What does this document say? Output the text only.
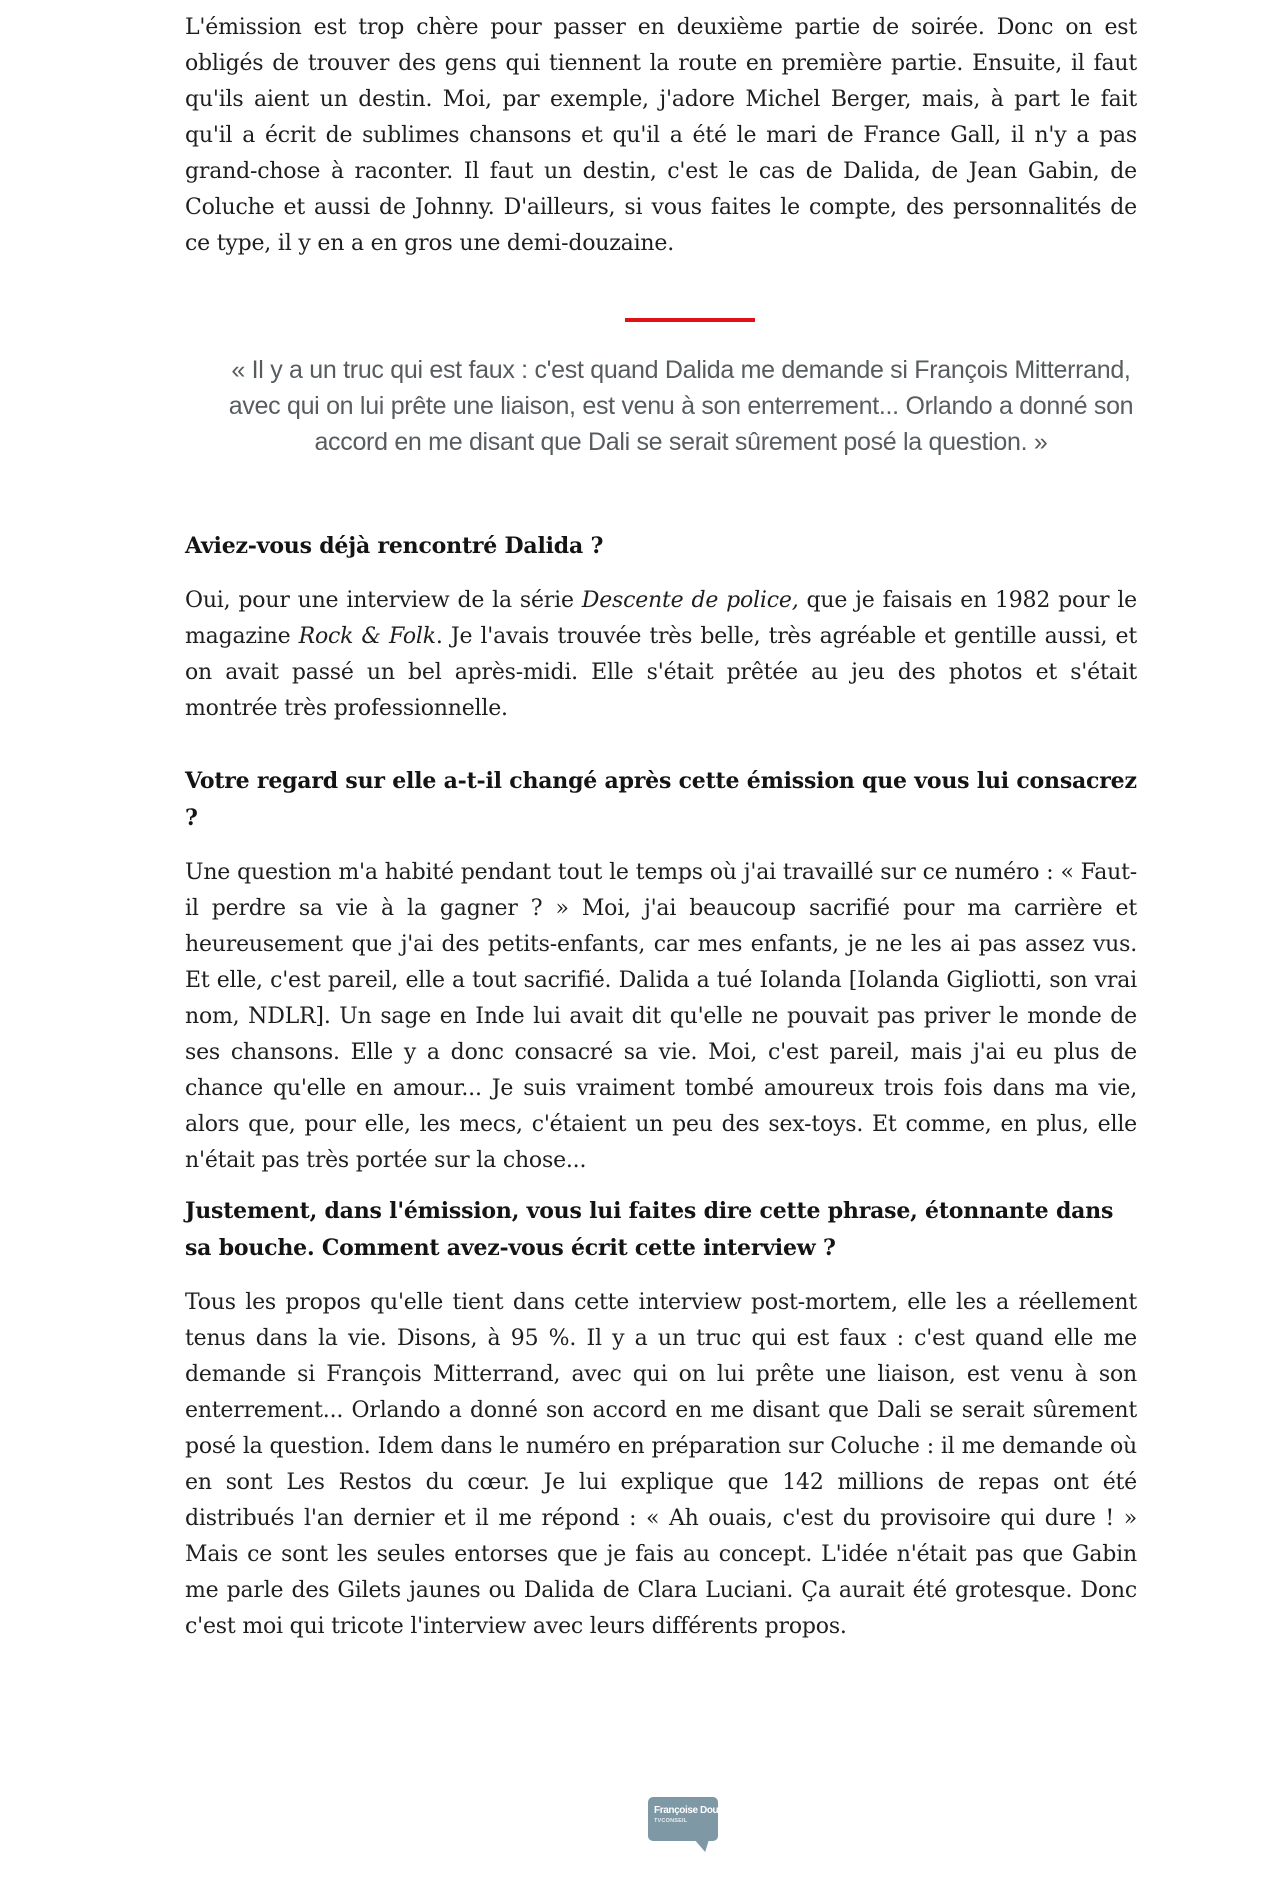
L'émission est trop chère pour passer en deuxième partie de soirée. Donc on est obligés de trouver des gens qui tiennent la route en première partie. Ensuite, il faut qu'ils aient un destin. Moi, par exemple, j'adore Michel Berger, mais, à part le fait qu'il a écrit de sublimes chansons et qu'il a été le mari de France Gall, il n'y a pas grand-chose à raconter. Il faut un destin, c'est le cas de Dalida, de Jean Gabin, de Coluche et aussi de Johnny. D'ailleurs, si vous faites le compte, des personnalités de ce type, il y en a en gros une demi-douzaine.

« Il y a un truc qui est faux : c'est quand Dalida me demande si François Mitterrand, avec qui on lui prête une liaison, est venu à son enterrement... Orlando a donné son accord en me disant que Dali se serait sûrement posé la question. »
Aviez-vous déjà rencontré Dalida ?

Oui, pour une interview de la série Descente de police, que je faisais en 1982 pour le magazine Rock & Folk. Je l'avais trouvée très belle, très agréable et gentille aussi, et on avait passé un bel après-midi. Elle s'était prêtée au jeu des photos et s'était montrée très professionnelle.

Votre regard sur elle a-t-il changé après cette émission que vous lui consacrez ?

Une question m'a habité pendant tout le temps où j'ai travaillé sur ce numéro : « Faut-il perdre sa vie à la gagner ? » Moi, j'ai beaucoup sacrifié pour ma carrière et heureusement que j'ai des petits-enfants, car mes enfants, je ne les ai pas assez vus. Et elle, c'est pareil, elle a tout sacrifié. Dalida a tué Iolanda [Iolanda Gigliotti, son vrai nom, NDLR]. Un sage en Inde lui avait dit qu'elle ne pouvait pas priver le monde de ses chansons. Elle y a donc consacré sa vie. Moi, c'est pareil, mais j'ai eu plus de chance qu'elle en amour... Je suis vraiment tombé amoureux trois fois dans ma vie, alors que, pour elle, les mecs, c'étaient un peu des sex-toys. Et comme, en plus, elle n'était pas très portée sur la chose...

Justement, dans l'émission, vous lui faites dire cette phrase, étonnante dans sa bouche. Comment avez-vous écrit cette interview ?

Tous les propos qu'elle tient dans cette interview post-mortem, elle les a réellement tenus dans la vie. Disons, à 95 %. Il y a un truc qui est faux : c'est quand elle me demande si François Mitterrand, avec qui on lui prête une liaison, est venu à son enterrement... Orlando a donné son accord en me disant que Dali se serait sûrement posé la question. Idem dans le numéro en préparation sur Coluche : il me demande où en sont Les Restos du cœur. Je lui explique que 142 millions de repas ont été distribués l'an dernier et il me répond : « Ah ouais, c'est du provisoire qui dure ! » Mais ce sont les seules entorses que je fais au concept. L'idée n'était pas que Gabin me parle des Gilets jaunes ou Dalida de Clara Luciani. Ça aurait été grotesque. Donc c'est moi qui tricote l'interview avec leurs différents propos.

Françoise Doux
TVCONSEIL
